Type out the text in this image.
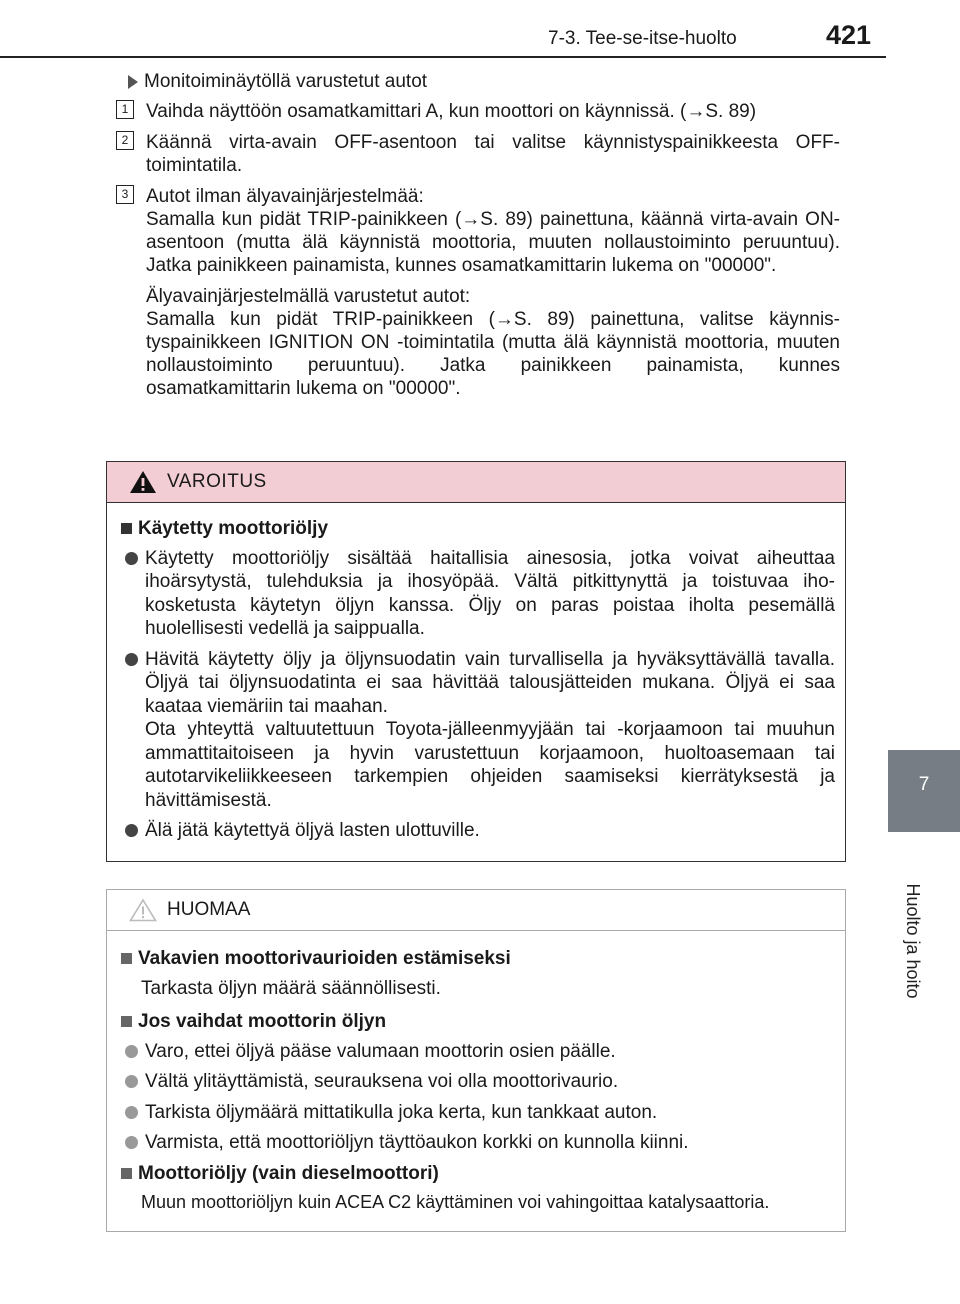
7-3. Tee-se-itse-huolto	421
7
Huolto ja hoito
Monitoiminäytöllä varustetut autot
1 Vaihda näyttöön osamatkamittari A, kun moottori on käynnissä. (→S. 89)

2 Käännä virta-avain OFF-asentoon tai valitse käynnistyspainikkeesta OFF-toimintatila.

3 Autot ilman älyavainjärjestelmää:

Samalla kun pidät TRIP-painikkeen (→S. 89) painettuna, käännä virta-avain ON-asentoon (mutta älä käynnistä moottoria, muuten nollaustoiminto peruuntuu). Jatka painikkeen painamista, kunnes osamatkamittarin lukema on "00000".

Älyavainjärjestelmällä varustetut autot:

Samalla kun pidät TRIP-painikkeen (→S. 89) painettuna, valitse käynnis-tyspainikkeen IGNITION ON -toimintatila (mutta älä käynnistä moottoria, muuten nollaustoiminto peruuntuu). Jatka painikkeen painamista, kunnes osamatkamittarin lukema on "00000".

VAROITUS
Käytetty moottoriöljy
Käytetty moottoriöljy sisältää haitallisia ainesosia, jotka voivat aiheuttaa ihoärsytystä, tulehduksia ja ihosyöpää. Vältä pitkittynyttä ja toistuvaa iho-kosketusta käytetyn öljyn kanssa. Öljy on paras poistaa iholta pesemällä huolellisesti vedellä ja saippualla.
Hävitä käytetty öljy ja öljynsuodatin vain turvallisella ja hyväksyttävällä tavalla. Öljyä tai öljynsuodatinta ei saa hävittää talousjätteiden mukana. Öljyä ei saa kaataa viemäriin tai maahan.
Ota yhteyttä valtuutettuun Toyota-jälleenmyyjään tai -korjaamoon tai muuhun ammattitaitoiseen ja hyvin varustettuun korjaamoon, huoltoasemaan tai autotarvikeliikkeeseen tarkempien ohjeiden saamiseksi kierrätyksestä ja hävittämisestä.
Älä jätä käytettyä öljyä lasten ulottuville.
HUOMAA
Vakavien moottorivaurioiden estämiseksi
Tarkasta öljyn määrä säännöllisesti.
Jos vaihdat moottorin öljyn
Varo, ettei öljyä pääse valumaan moottorin osien päälle.
Vältä ylitäyttämistä, seurauksena voi olla moottorivaurio.
Tarkista öljymäärä mittatikulla joka kerta, kun tankkaat auton.
Varmista, että moottoriöljyn täyttöaukon korkki on kunnolla kiinni.
Moottoriöljy (vain dieselmoottori)
Muun moottoriöljyn kuin ACEA C2 käyttäminen voi vahingoittaa katalysaattoria.
